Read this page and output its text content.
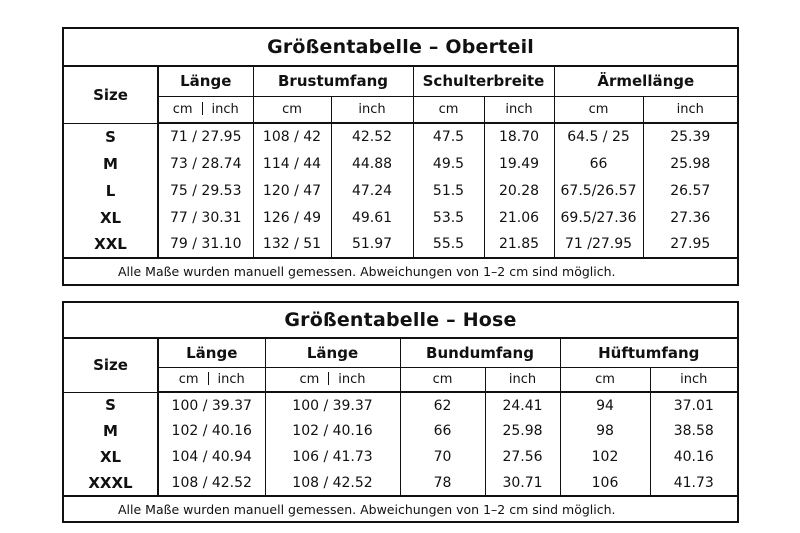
Größentabelle – Oberteil							
Size	Länge	Brustumfang		Schulterbreite		Ärmellänge	
	cm inch	cm	inch	cm	inch	cm	inch
S	71 / 27.95	108 / 42	42.52	47.5	18.70	64.5 / 25	25.39
M	73 / 28.74	114 / 44	44.88	49.5	19.49	66	25.98
L	75 / 29.53	120 / 47	47.24	51.5	20.28	67.5/26.57	26.57
XL	77 / 30.31	126 / 49	49.61	53.5	21.06	69.5/27.36	27.36
XXL	79 / 31.10	132 / 51	51.97	55.5	21.85	71 /27.95	27.95
Alle Maße wurden manuell gemessen. Abweichungen von 1–2 cm sind möglich.							
Größentabelle – Hose						
Size	Länge	Länge	Bundumfang		Hüftumfang	
	cm inch	cm inch	cm	inch	cm	inch
S	100 / 39.37	100 / 39.37	62	24.41	94	37.01
M	102 / 40.16	102 / 40.16	66	25.98	98	38.58
XL	104 / 40.94	106 / 41.73	70	27.56	102	40.16
XXXL	108 / 42.52	108 / 42.52	78	30.71	106	41.73
Alle Maße wurden manuell gemessen. Abweichungen von 1–2 cm sind möglich.						
